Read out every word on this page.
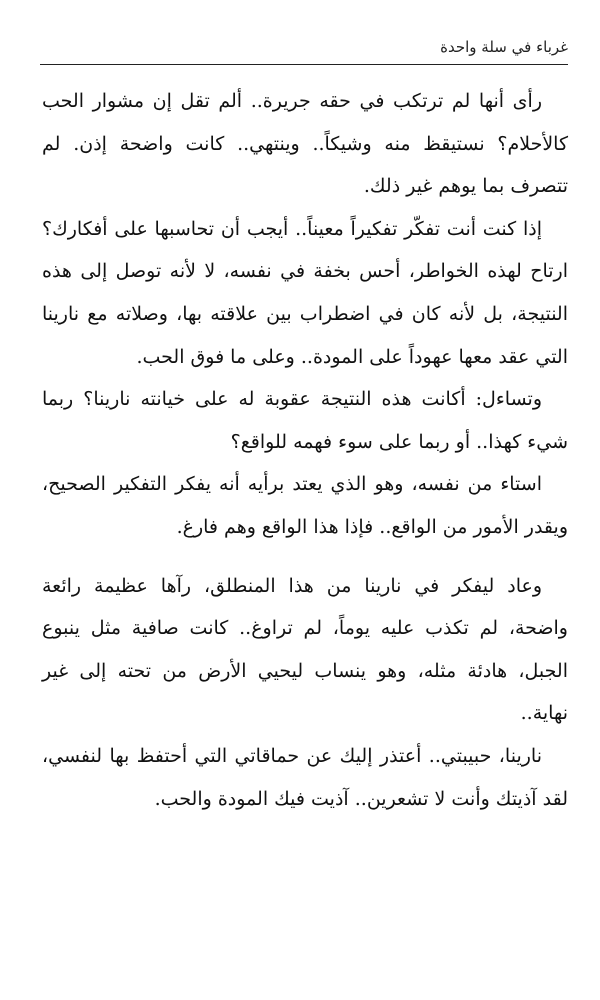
غرباء في سلة واحدة

رأى أنها لم ترتكب في حقه جريرة.. ألم تقل إن مشوار الحب كالأحلام؟ نستيقظ منه وشيكاً.. وينتهي.. كانت واضحة إذن. لم تتصرف بما يوهم غير ذلك.

إذا كنت أنت تفكّر تفكيراً معيناً.. أيجب أن تحاسبها على أفكارك؟ ارتاح لهذه الخواطر، أحس بخفة في نفسه، لا لأنه توصل إلى هذه النتيجة، بل لأنه كان في اضطراب بين علاقته بها، وصلاته مع نارينا التي عقد معها عهوداً على المودة.. وعلى ما فوق الحب.

وتساءل: أكانت هذه النتيجة عقوبة له على خيانته نارينا؟ ربما شيء كهذا.. أو ربما على سوء فهمه للواقع؟

استاء من نفسه، وهو الذي يعتد برأيه أنه يفكر التفكير الصحيح، ويقدر الأمور من الواقع.. فإذا هذا الواقع وهم فارغ.

وعاد ليفكر في نارينا من هذا المنطلق، رآها عظيمة رائعة واضحة، لم تكذب عليه يوماً، لم تراوغ.. كانت صافية مثل ينبوع الجبل، هادئة مثله، وهو ينساب ليحيي الأرض من تحته إلى غير نهاية..

نارينا، حبيبتي.. أعتذر إليك عن حماقاتي التي أحتفظ بها لنفسي، لقد آذيتك وأنت لا تشعرين.. آذيت فيك المودة والحب.
